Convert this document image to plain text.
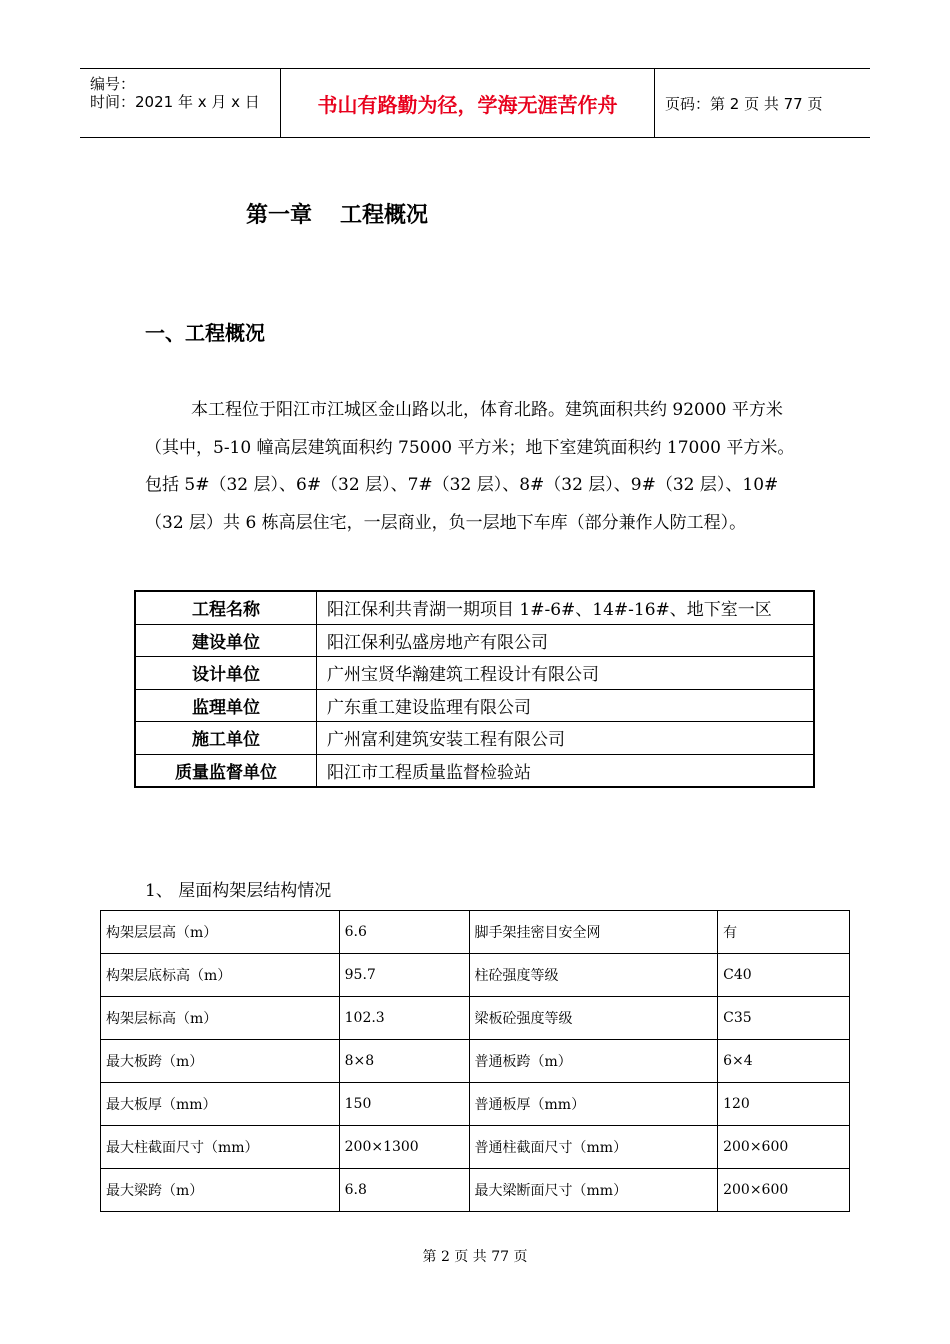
编号：
时间：2021 年 x 月 x 日	书山有路勤为径，学海无涯苦作舟	页码：第 2 页 共 77 页
第一章 工程概况
一、工程概况

本工程位于阳江市江城区金山路以北，体育北路。建筑面积共约 92000 平方米（其中，5-10 幢高层建筑面积约 75000 平方米；地下室建筑面积约 17000 平方米。包括 5#（32 层）、6#（32 层）、7#（32 层）、8#（32 层）、9#（32 层）、10#（32 层）共 6 栋高层住宅，一层商业，负一层地下车库（部分兼作人防工程）。

工程名称	阳江保利共青湖一期项目 1#-6#、14#-16#、地下室一区
建设单位	阳江保利弘盛房地产有限公司
设计单位	广州宝贤华瀚建筑工程设计有限公司
监理单位	广东重工建设监理有限公司
施工单位	广州富利建筑安装工程有限公司
质量监督单位	阳江市工程质量监督检验站
1、 屋面构架层结构情况
构架层层高（m）	6.6	脚手架挂密目安全网	有
构架层底标高（m）	95.7	柱砼强度等级	C40
构架层标高（m）	102.3	梁板砼强度等级	C35
最大板跨（m）	8×8	普通板跨（m）	6×4
最大板厚（mm）	150	普通板厚（mm）	120
最大柱截面尺寸（mm）	200×1300	普通柱截面尺寸（mm）	200×600
最大梁跨（m）	6.8	最大梁断面尺寸（mm）	200×600
第 2 页 共 77 页
